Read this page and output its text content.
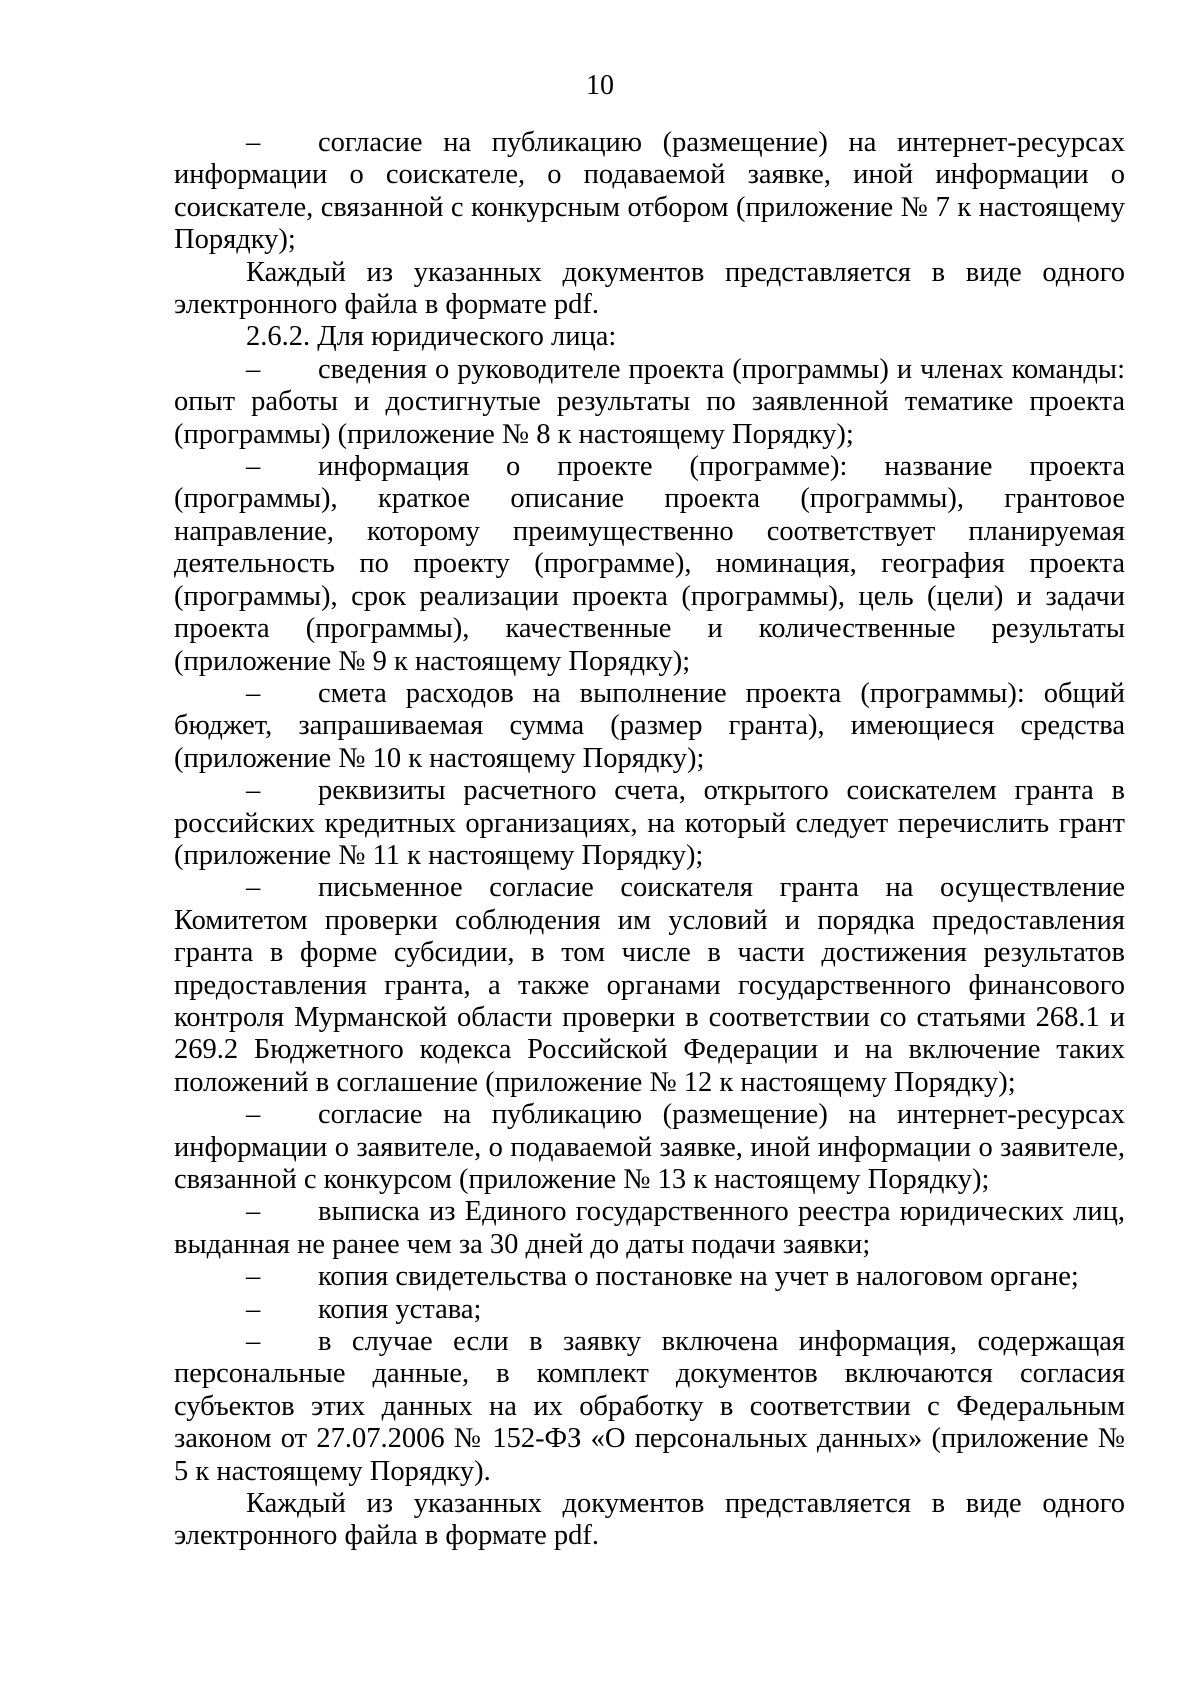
10

– согласие на публикацию (размещение) на интернет-ресурсах информации о соискателе, о подаваемой заявке, иной информации о соискателе, связанной с конкурсным отбором (приложение № 7 к настоящему Порядку);

Каждый из указанных документов представляется в виде одного электронного файла в формате pdf.

2.6.2. Для юридического лица:

– сведения о руководителе проекта (программы) и членах команды: опыт работы и достигнутые результаты по заявленной тематике проекта (программы) (приложение № 8 к настоящему Порядку);

– информация о проекте (программе): название проекта (программы), краткое описание проекта (программы), грантовое направление, которому преимущественно соответствует планируемая деятельность по проекту (программе), номинация, география проекта (программы), срок реализации проекта (программы), цель (цели) и задачи проекта (программы), качественные и количественные результаты (приложение № 9 к настоящему Порядку);

– смета расходов на выполнение проекта (программы): общий бюджет, запрашиваемая сумма (размер гранта), имеющиеся средства (приложение № 10 к настоящему Порядку);

– реквизиты расчетного счета, открытого соискателем гранта в российских кредитных организациях, на который следует перечислить грант (приложение № 11 к настоящему Порядку);

– письменное согласие соискателя гранта на осуществление Комитетом проверки соблюдения им условий и порядка предоставления гранта в форме субсидии, в том числе в части достижения результатов предоставления гранта, а также органами государственного финансового контроля Мурманской области проверки в соответствии со статьями 268.1 и 269.2 Бюджетного кодекса Российской Федерации и на включение таких положений в соглашение (приложение № 12 к настоящему Порядку);

– согласие на публикацию (размещение) на интернет-ресурсах информации о заявителе, о подаваемой заявке, иной информации о заявителе, связанной с конкурсом (приложение № 13 к настоящему Порядку);

– выписка из Единого государственного реестра юридических лиц, выданная не ранее чем за 30 дней до даты подачи заявки;

– копия свидетельства о постановке на учет в налоговом органе;

– копия устава;

– в случае если в заявку включена информация, содержащая персональные данные, в комплект документов включаются согласия субъектов этих данных на их обработку в соответствии с Федеральным законом от 27.07.2006 № 152-ФЗ «О персональных данных» (приложение № 5 к настоящему Порядку).

Каждый из указанных документов представляется в виде одного электронного файла в формате pdf.
